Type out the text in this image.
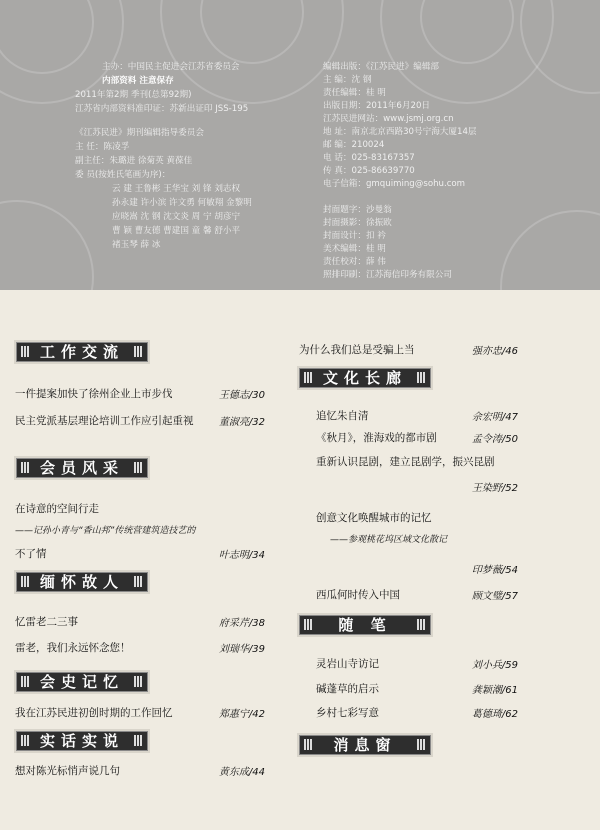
主办：中国民主促进会江苏省委员会
内部资料 注意保存
2011年第2期 季刊(总第92期)
江苏省内部资料准印证：苏新出证印 JSS-195
《江苏民进》期刊编辑指导委员会
主 任：陈凌孚
副主任：朱璐进 徐菊英 黄葆佳
委 员(按姓氏笔画为序)：
云 建 王鲁彬 王华宝 刘 锋 刘志权
孙永建 许小滨 许文勇 何敏翔 金黎明
应晓嵩 沈 钢 沈文炎 周 宁 胡彦宁
曹 颖 曹友德 曹建国 童 馨 舒小平
褚玉琴 薛 冰
编辑出版：《江苏民进》编辑部
主 编：沈 钢
责任编辑：桂 明
出版日期：2011年6月20日
江苏民进网站：www.jsmj.org.cn
地 址：南京北京西路30号宁海大厦14层
邮 编：210024
电 话：025-83167357
传 真：025-86639770
电子信箱：gmquiming@sohu.com
封面题字：沙曼翁
封面摄影：徐振欧
封面设计：扣 衿
美术编辑：桂 明
责任校对：薛 伟
照排印刷：江苏海信印务有限公司
工作交流
会员风采
缅怀故人
会史记忆
实话实说
文化长廊
随 笔
消息窗
一件提案加快了徐州企业上市步伐	王德志/30
民主党派基层理论培训工作应引起重视	董淑亮/32
在诗意的空间行走
——记孙小青与“香山邦”传统营建筑造技艺的
不了情	叶志明/34
忆雷老二三事	府采芹/38
雷老，我们永远怀念您！	刘瑞华/39
我在江苏民进初创时期的工作回忆	郑惠宁/42
想对陈光标悄声说几句	黄东成/44
为什么我们总是受骗上当	强亦忠/46
追忆朱自清	佘宏明/47
《秋月》，淮海戏的都市剧	孟令涛/50
重新认识昆剧，建立昆剧学，振兴昆剧
王染野/52
创意文化唤醒城市的记忆
——参观桃花坞区域文化散记
印梦薇/54
西瓜何时传入中国	顾文璧/57
灵岩山寺访记	刘小兵/59
碱蓬草的启示	龚颖潮/61
乡村七彩写意	葛德琦/62
